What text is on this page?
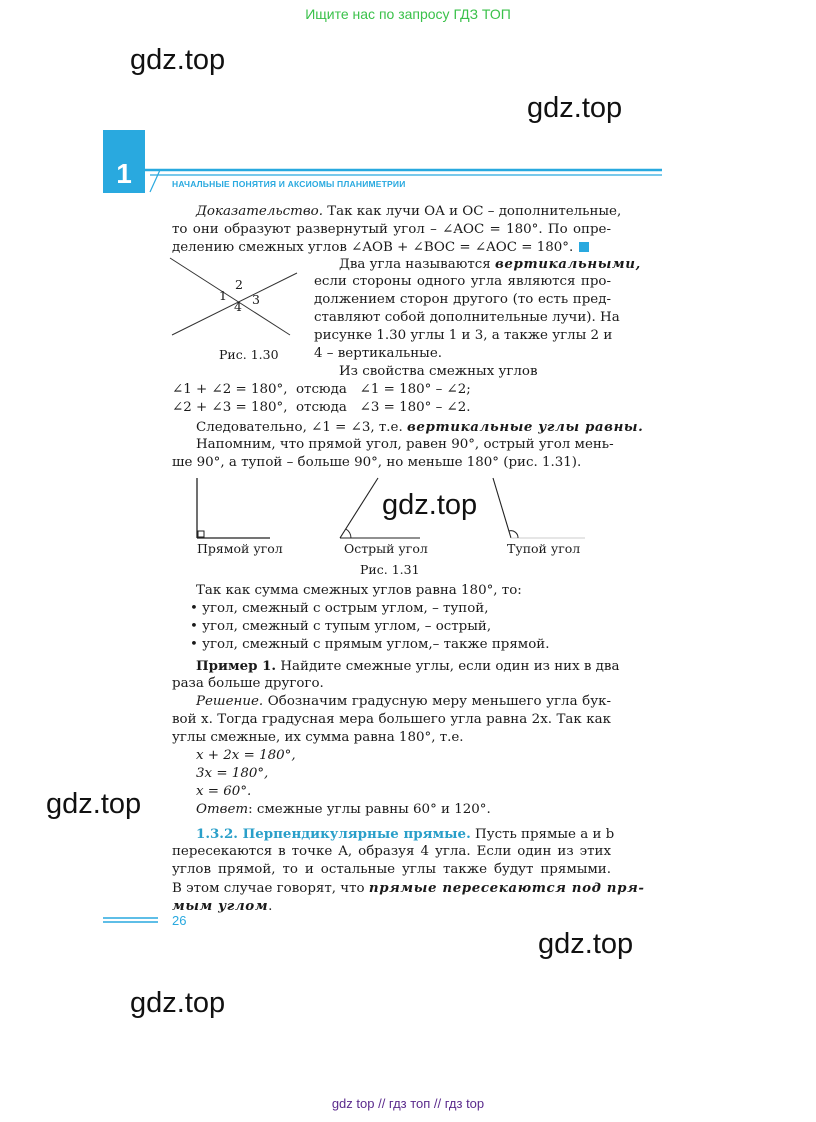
Ищите нас по запросу ГДЗ ТОП
gdz top // гдз топ // гдз top
gdz.top
gdz.top
gdz.top
gdz.top
gdz.top
gdz.top
1	НАЧАЛЬНЫЕ ПОНЯТИЯ И АКСИОМЫ ПЛАНИМЕТРИИ
Доказательство. Так как лучи OA и OC – дополнительные,
то они образуют развернутый угол – ∠AOC = 180°. По опре-
делению смежных углов ∠AOB + ∠BOC = ∠AOC = 180°.
2
1 3
4
Рис. 1.30
Два угла называются вертикальными,
если стороны одного угла являются про-
должением сторон другого (то есть пред-
ставляют собой дополнительные лучи). На
рисунке 1.30 углы 1 и 3, а также углы 2 и
4 – вертикальные.
Из свойства смежных углов
∠1 + ∠2 = 180°,  отсюда   ∠1 = 180° – ∠2;
∠2 + ∠3 = 180°,  отсюда   ∠3 = 180° – ∠2.
Следовательно, ∠1 = ∠3, т.е. вертикальные углы равны.
Напомним, что прямой угол, равен 90°, острый угол мень-
ше 90°, а тупой – больше 90°, но меньше 180° (рис. 1.31).
Прямой угол	Острый угол	Тупой угол
Рис. 1.31
Так как сумма смежных углов равна 180°, то:
• угол, смежный с острым углом, – тупой,
• угол, смежный с тупым углом, – острый,
• угол, смежный с прямым углом,– также прямой.
Пример 1. Найдите смежные углы, если один из них в два
раза больше другого.
Решение. Обозначим градусную меру меньшего угла бук-
вой x. Тогда градусная мера большего угла равна 2x. Так как
углы смежные, их сумма равна 180°, т.е.
x + 2x = 180°,
3x = 180°,
x = 60°.
Ответ: смежные углы равны 60° и 120°.
1.3.2. Перпендикулярные прямые. Пусть прямые a и b
пересекаются в точке A, образуя 4 угла. Если один из этих
углов прямой, то и остальные углы также будут прямыми.
В этом случае говорят, что прямые пересекаются под пря-
мым углом.
26
